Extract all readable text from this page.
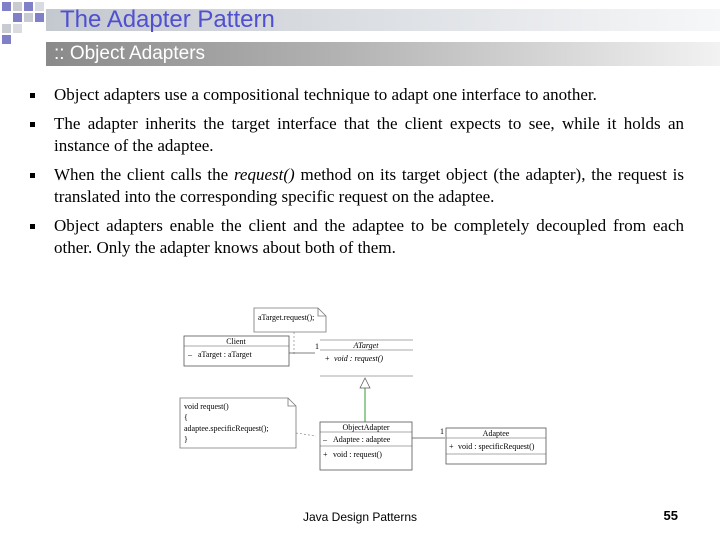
The Adapter Pattern
:: Object Adapters
Object adapters use a compositional technique to adapt one interface to another.
The adapter inherits the target interface that the client expects to see, while it holds an instance of the adaptee.
When the client calls the request() method on its target object (the adapter), the request is translated into the corresponding specific request on the adaptee.
Object adapters enable the client and the adaptee to be completely decoupled from each other. Only the adapter knows about both of them.
aTarget.request();
Client
– aTarget : aTarget
1	ATarget
+ void : request()
void request()
{
adaptee.specificRequest();
}
ObjectAdapter
– Adaptee : adaptee
+ void : request()
1	Adaptee
+ void : specificRequest()
Java Design Patterns	55
